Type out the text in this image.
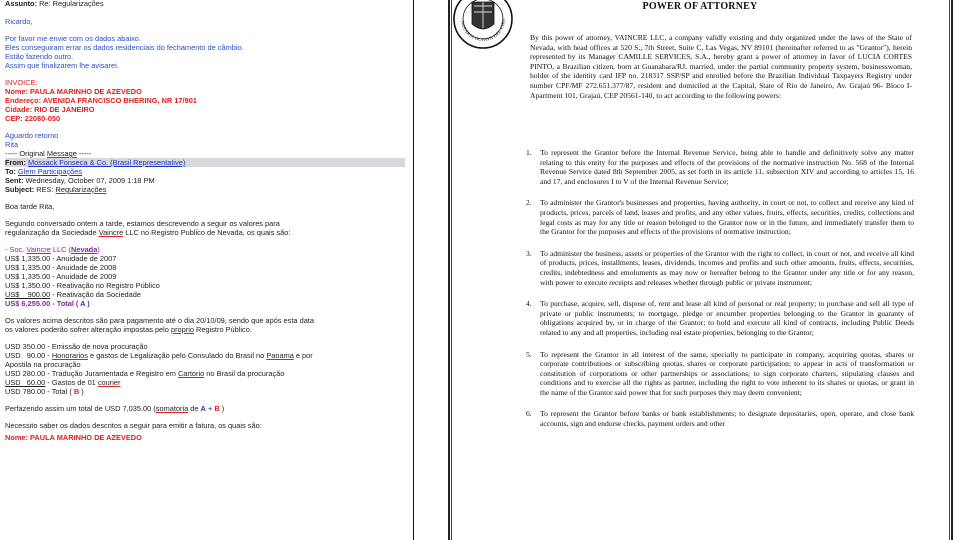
Assunto: Re: Regularizações
Ricardo,
Por favor me envie com os dados abaixo.
Eles conseguiram errar os dados residenciais do fechamento de câmbio.
Estão fazendo outro.
Assim que finalizarem lhe avisarei.
INVOICE:
Nome: PAULA MARINHO DE AZEVEDO
Endereço: AVENIDA FRANCISCO BHERING, NR 17/901
Cidade: RIO DE JANEIRO
CEP: 22080-050
Aguardo retorno
Rita
----- Original Message -----
From: Mossack Fonseca & Co. (Brasil Representative)
To: Glem Participações
Sent: Wednesday, October 07, 2009 1:18 PM
Subject: RES: Regularizações
Boa tarde Rita,
Segundo conversado ontem a tarde, estamos descrevendo a seguir os valores para
regularização da Sociedade Vaincre LLC no Registro Publico de Nevada, os quais são:
- Soc. Vaincre LLC (Nevada)
US$ 1,335.00 - Anuidade de 2007
US$ 1,335.00 - Anuidade de 2008
US$ 1,335.00 - Anuidade de 2009
US$ 1,350.00 - Reativação no Registro Público
US$    900.00 - Reativação da Sociedade
US$ 6,255.00 - Total ( A )
Os valores acima descritos são para pagamento até o dia 20/10/09, sendo que após esta data
os valores poderão sofrer alteração impostas pelo proprio Registro Público.
USD 350.00 - Emissão de nova procuração
USD   90.00 - Honorarios e gastos de Legalização pelo Consulado do Brasil no Panama e por
Apostila na procuração
USD 280.00 - Tradução Juramentada e Registro em Cartorio no Brasil da procuração
USD   60.00 - Gastos de 01 courier
USD 780.00 - Total ( B )
Perfazendo assim um total de USD 7,035.00 (somatoria de A + B )
Necessito saber os dados descritos a seguir para emitir a fatura, os quais são:
Nome: PAULA MARINHO DE AZEVEDO
NOTARIA OCTAVA DEL CIRC
POWER OF ATTORNEY
By this power of attorney, VAINCRE LLC, a company validly existing and duly organized under the laws of the State of Nevada, with head offices at 520 S., 7th Street, Suite C, Las Vegas, NV 89101 (hereinafter referred to as "Grantor"), herein represented by its Manager CAMILLE SERVICES, S.A., hereby grant a power of attorney in favor of LUCIA CORTES PINTO, a Brazilian citizen, born at Guanabara/RJ, married, under the partial community property system, businesswoman, holder of the identity card IFP no. 218317 SSP/SP and enrolled before the Brazilian Individual Taxpayers Registry under number CPF/MF 272.651.377/87, resident and domiciled at the Capital, State of Rio de Janeiro, Av. Grajaú 96- Bloco I- Apartment 101, Grajaú, CEP 20561-140, to act according to the following powers:
1.	To represent the Grantor before the Internal Revenue Service, being able to handle and definitively solve any matter relating to this entity for the purposes and effects of the provisions of the normative instruction No. 568 of the Internal Revenue Service dated 8th September 2005, as set forth in its article 11, subsection XIV and according to articles 15, 16 and 17, and enclosures I to V of the Internal Revenue Service;
2.	To administer the Grantor's businesses and properties, having authority, in court or not, to collect and receive any kind of products, prices, parcels of land, leases and profits, and any other values, fruits, effects, securities, credits, collections and legal costs as may for any title or reason belonged to the Grantor now or in the future, and immediately transfer them to the Grantor for the purposes and effects of the provisions of normative instruction;
3.	To administer the business, assets or properties of the Grantor with the right to collect, in court or not, and receive all kind of products, prices, installments, leases, dividends, incomes and profits and such other amounts, fruits, effects, securities, credits, indebtedness and emoluments as may now or hereafter belong to the Grantor under any title or for any reason, with power to execute receipts and releases whether through public or private instrument;
4.	To purchase, acquire, sell, dispose of, rent and lease all kind of personal or real property; to purchase and sell all type of private or public instruments; to mortgage, pledge or encumber properties belonging to the Grantor in guaranty of obligations acquired by, or in charge of the Grantor; to hold and execute all kind of contracts, including Public Deeds related to any and all properties, including real estate properties, belonging to the Grantor;
5.	To represent the Grantor in all interest of the same, specially to participate in company, acquiring quotas, shares or corporate contributions or subscribing quotas, shares or corporate participation; to appear in acts of transformation or constitution of corporations or other partnerships or associations; to sign corporate charters, stipulating clauses and conditions and to exercise all the rights as partner, including the right to vote inherent to its shares or quotas, or grant in the name of the Grantor said power that for such purposes they may deem convenient;
6.	To represent the Grantor before banks or bank establishments; to designate depositaries, open, operate, and close bank accounts, sign and endorse checks, payment orders and other
